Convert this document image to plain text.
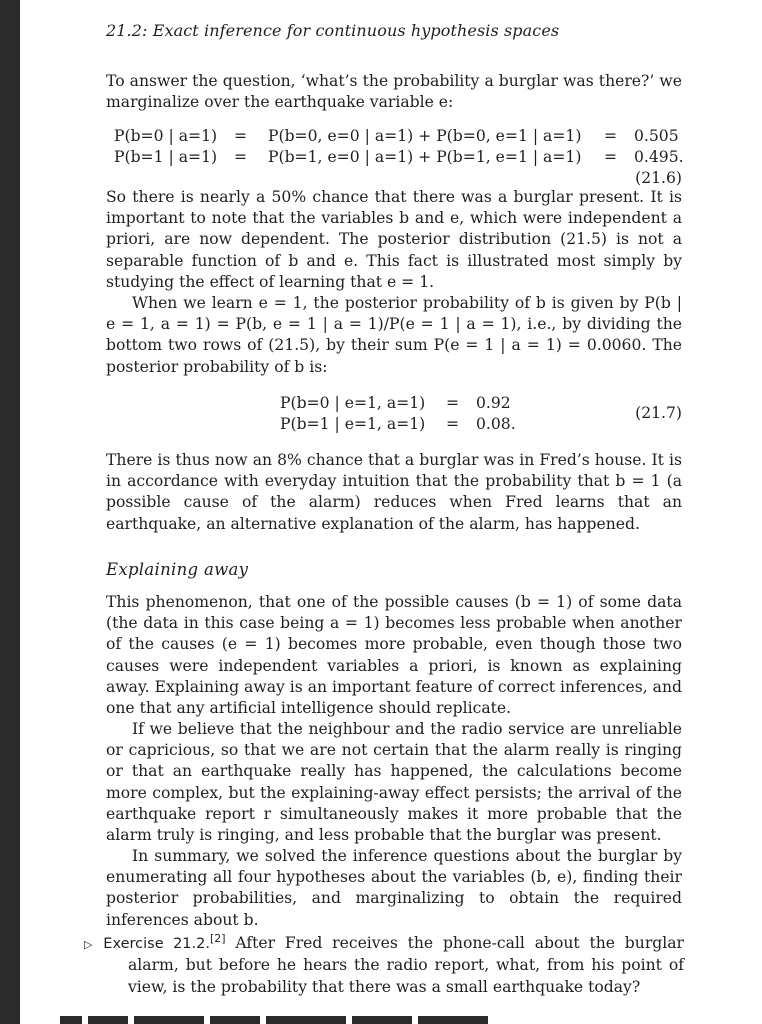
21.2: Exact inference for continuous hypothesis spaces

To answer the question, ‘what’s the probability a burglar was there?’ we marginalize over the earthquake variable e:

P(b=0 | a=1) = P(b=0, e=0 | a=1) + P(b=0, e=1 | a=1) = 0.505
P(b=1 | a=1) = P(b=1, e=0 | a=1) + P(b=1, e=1 | a=1) = 0.495.
(21.6)

So there is nearly a 50% chance that there was a burglar present. It is important to note that the variables b and e, which were independent a priori, are now dependent. The posterior distribution (21.5) is not a separable function of b and e. This fact is illustrated most simply by studying the effect of learning that e = 1.

When we learn e = 1, the posterior probability of b is given by P(b | e = 1, a = 1) = P(b, e = 1 | a = 1)/P(e = 1 | a = 1), i.e., by dividing the bottom two rows of (21.5), by their sum P(e = 1 | a = 1) = 0.0060. The posterior probability of b is:

P(b=0 | e=1, a=1) = 0.92
P(b=1 | e=1, a=1) = 0.08.
(21.7)

There is thus now an 8% chance that a burglar was in Fred’s house. It is in accordance with everyday intuition that the probability that b = 1 (a possible cause of the alarm) reduces when Fred learns that an earthquake, an alternative explanation of the alarm, has happened.

Explaining away

This phenomenon, that one of the possible causes (b = 1) of some data (the data in this case being a = 1) becomes less probable when another of the causes (e = 1) becomes more probable, even though those two causes were independent variables a priori, is known as explaining away. Explaining away is an important feature of correct inferences, and one that any artificial intelligence should replicate.

If we believe that the neighbour and the radio service are unreliable or capricious, so that we are not certain that the alarm really is ringing or that an earthquake really has happened, the calculations become more complex, but the explaining-away effect persists; the arrival of the earthquake report r simultaneously makes it more probable that the alarm truly is ringing, and less probable that the burglar was present.

In summary, we solved the inference questions about the burglar by enumerating all four hypotheses about the variables (b, e), finding their posterior probabilities, and marginalizing to obtain the required inferences about b.

▷ Exercise 21.2.[2] After Fred receives the phone-call about the burglar alarm, but before he hears the radio report, what, from his point of view, is the probability that there was a small earthquake today?
